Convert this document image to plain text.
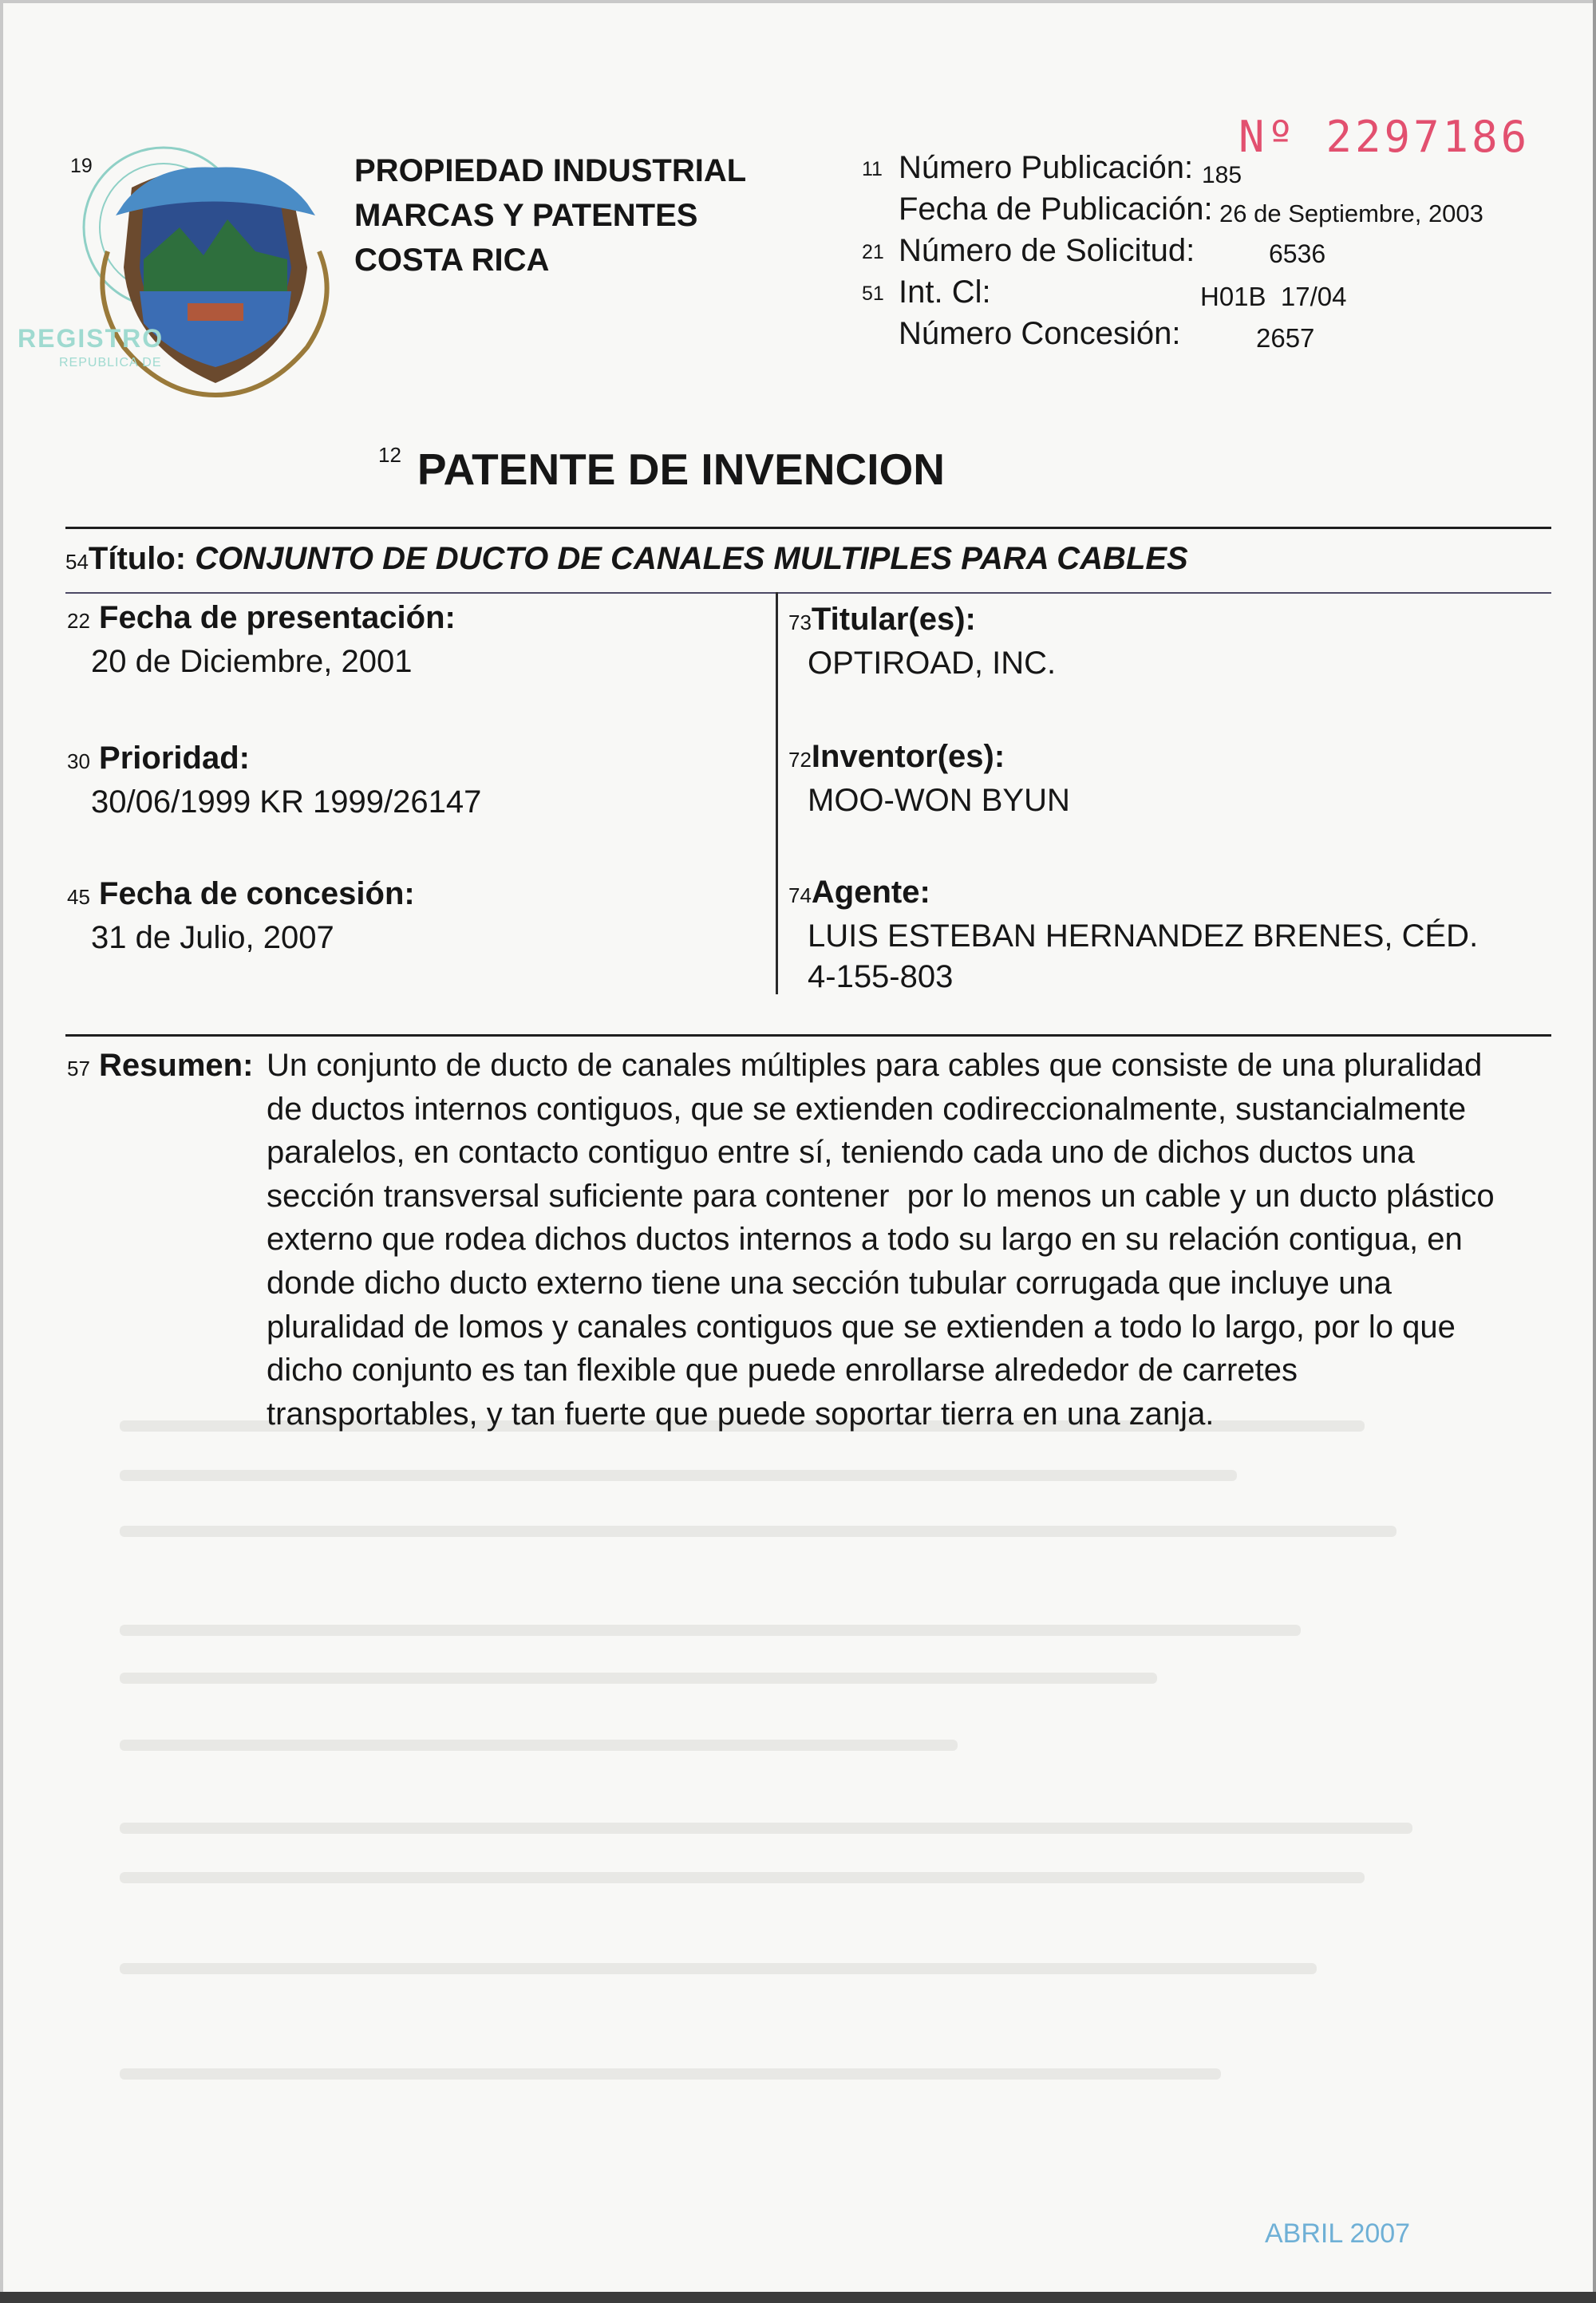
19
REGISTRO
REPUBLICA DE
PROPIEDAD INDUSTRIAL
MARCAS Y PATENTES
COSTA RICA
Nº 2297186
11 Número Publicación: 185
Fecha de Publicación: 26 de Septiembre, 2003
21 Número de Solicitud:	6536
51 Int. Cl:	H01B  17/04
Número Concesión:	2657
$^{12}$ PATENTE DE INVENCION
54Título: CONJUNTO DE DUCTO DE CANALES MULTIPLES PARA CABLES
22 Fecha de presentación:
20 de Diciembre, 2001
30 Prioridad:
30/06/1999 KR 1999/26147
45 Fecha de concesión:
31 de Julio, 2007
73Titular(es):
OPTIROAD, INC.
72Inventor(es):
MOO-WON BYUN
74Agente:
LUIS ESTEBAN HERNANDEZ BRENES, CÉD.
4-155-803
57 Resumen: Un conjunto de ducto de canales múltiples para cables que consiste de una pluralidad
de ductos internos contiguos, que se extienden codireccionalmente, sustancialmente
paralelos, en contacto contiguo entre sí, teniendo cada uno de dichos ductos una
sección transversal suficiente para contener  por lo menos un cable y un ducto plástico
externo que rodea dichos ductos internos a todo su largo en su relación contigua, en
donde dicho ducto externo tiene una sección tubular corrugada que incluye una
pluralidad de lomos y canales contiguos que se extienden a todo lo largo, por lo que
dicho conjunto es tan flexible que puede enrollarse alrededor de carretes
transportables, y tan fuerte que puede soportar tierra en una zanja.
ABRIL 2007
